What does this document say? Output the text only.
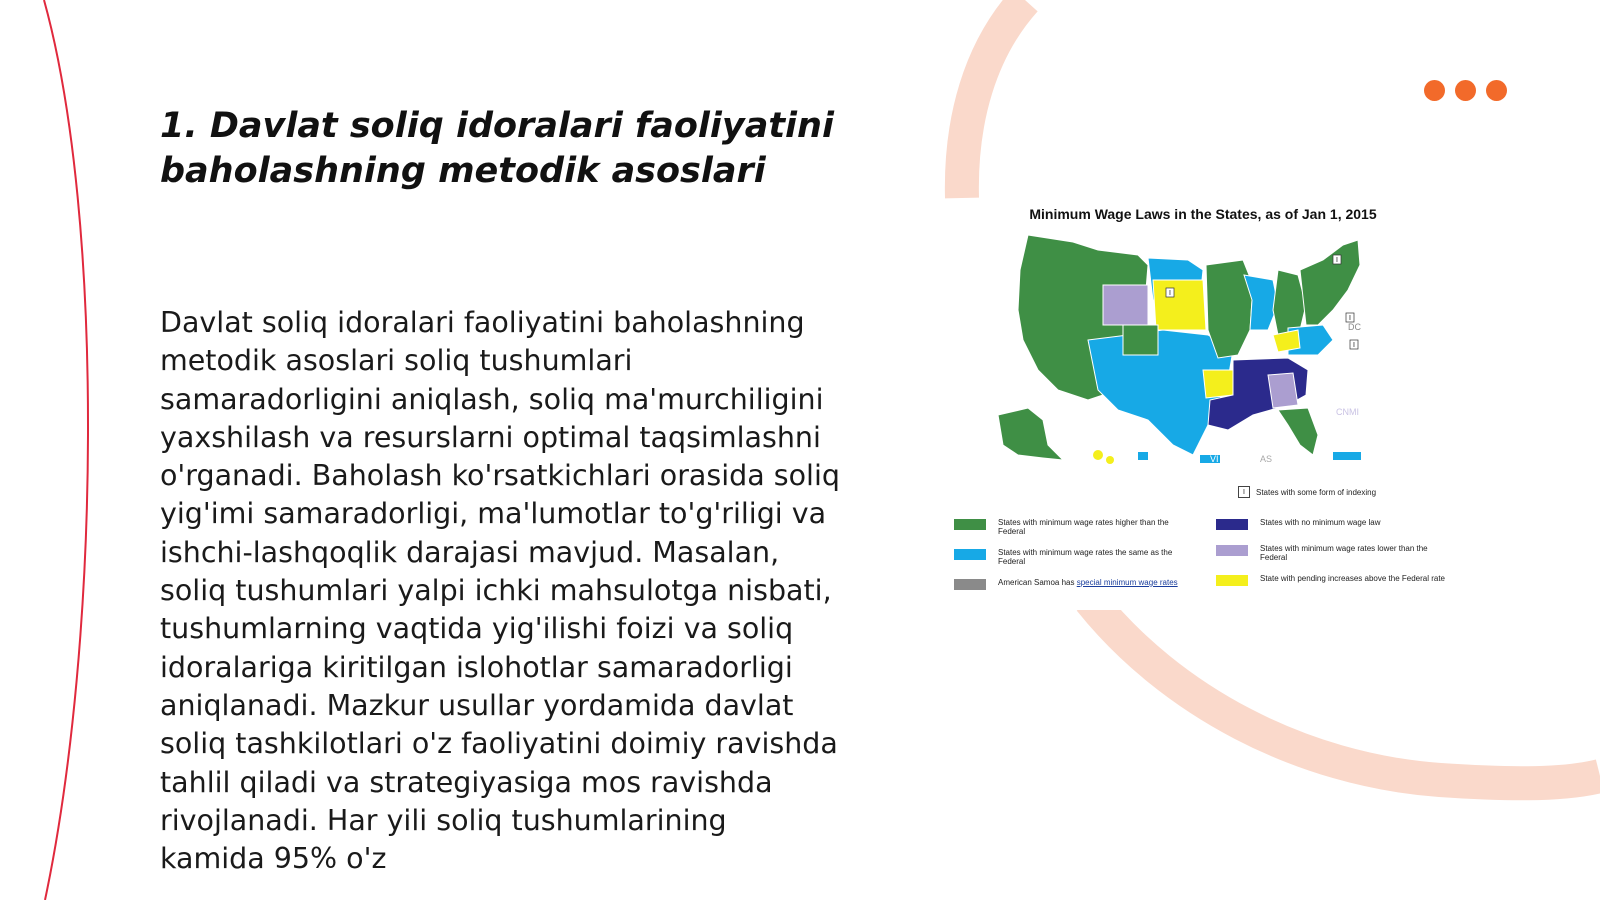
1. Davlat soliq idoralari faoliyatini baholashning metodik asoslari

Davlat soliq idoralari faoliyatini baholashning metodik asoslari soliq tushumlari samaradorligini aniqlash, soliq ma'murchiligini yaxshilash va resurslarni optimal taqsimlashni o'rganadi. Baholash ko'rsatkichlari orasida soliq yig'imi samaradorligi, ma'lumotlar to'g'riligi va ishchi-lashqoqlik darajasi mavjud. Masalan, soliq tushumlari yalpi ichki mahsulotga nisbati, tushumlarning vaqtida yig'ilishi foizi va soliq idoralariga kiritilgan islohotlar samaradorligi aniqlanadi. Mazkur usullar yordamida davlat soliq tashkilotlari o'z faoliyatini doimiy ravishda tahlil qiladi va strategiyasiga mos ravishda rivojlanadi. Har yili soliq tushumlarining kamida 95% o'z

Minimum Wage Laws in the States, as of Jan 1, 2015
GU
VI	AS
PR
CNMI
DC
I
I
I
I
I	States with some form of indexing
States with minimum wage rates higher than the Federal
States with no minimum wage law
States with minimum wage rates the same as the Federal
States with minimum wage rates lower than the Federal
American Samoa has special minimum wage rates	State with pending increases above the Federal rate
